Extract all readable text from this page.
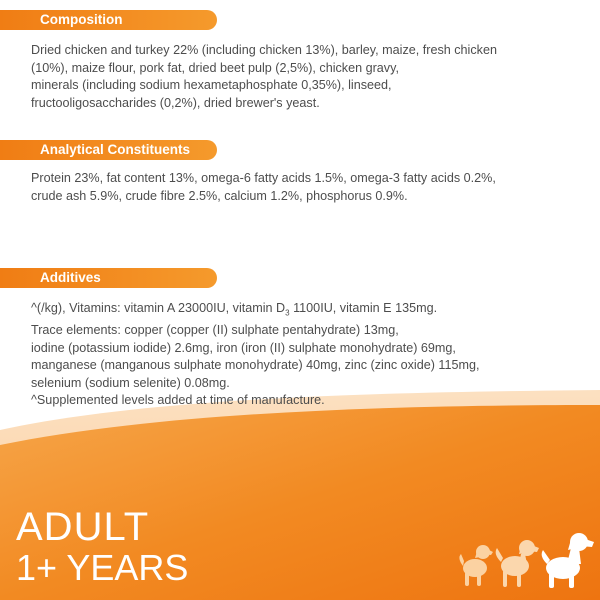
Composition

Dried chicken and turkey 22% (including chicken 13%), barley, maize, fresh chicken
(10%), maize flour, pork fat, dried beet pulp (2,5%), chicken gravy,
minerals (including sodium hexametaphosphate 0,35%), linseed,
fructooligosaccharides (0,2%), dried brewer's yeast.

Analytical Constituents

Protein 23%, fat content 13%, omega-6 fatty acids 1.5%, omega-3 fatty acids 0.2%,
crude ash 5.9%, crude fibre 2.5%, calcium 1.2%, phosphorus 0.9%.

Additives

^(/kg), Vitamins: vitamin A 23000IU, vitamin $D_3$ 1100IU, vitamin E 135mg.
Trace elements: copper (copper (II) sulphate pentahydrate) 13mg,
iodine (potassium iodide) 2.6mg, iron (iron (II) sulphate monohydrate) 69mg,
manganese (manganous sulphate monohydrate) 40mg, zinc (zinc oxide) 115mg,
selenium (sodium selenite) 0.08mg.
^Supplemented levels added at time of manufacture.

ADULT
1+ YEARS
